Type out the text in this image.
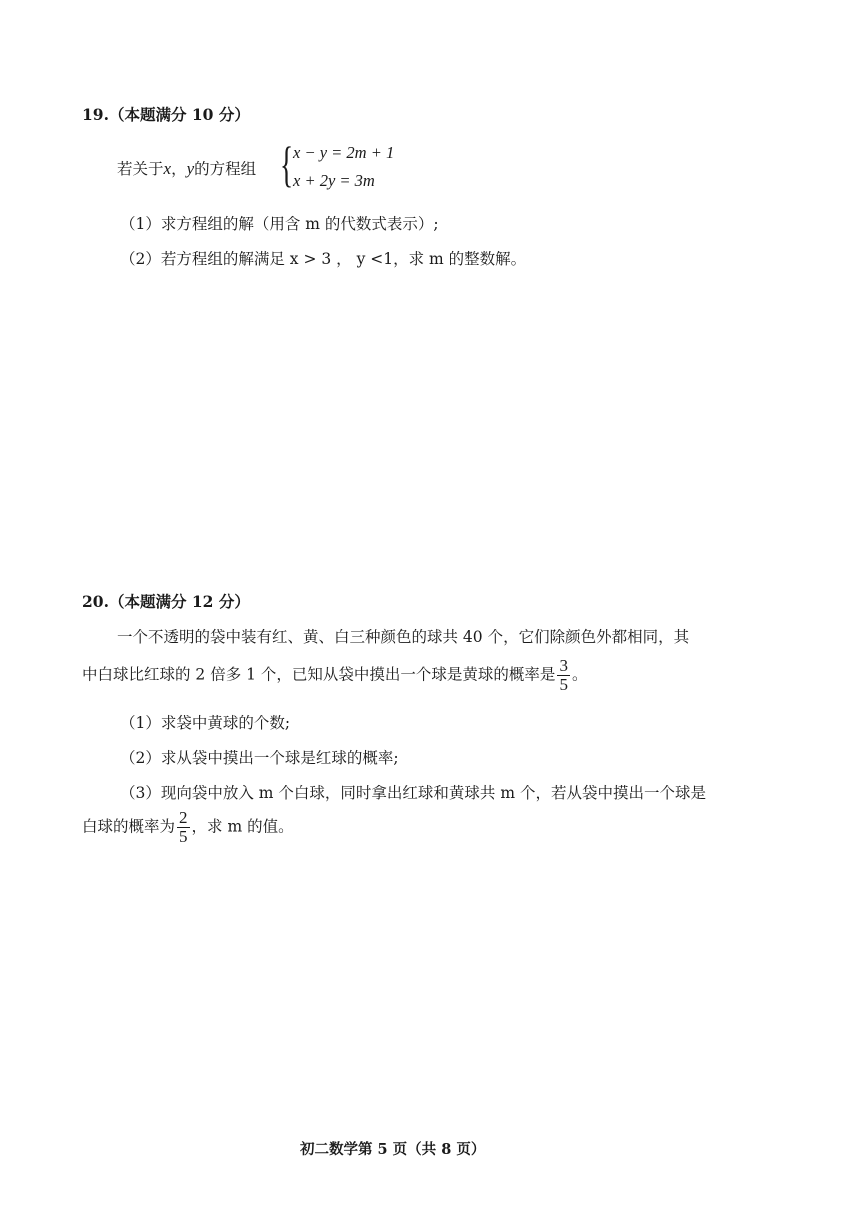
19.（本题满分 10 分）
若关于x，y的方程组 { x − y = 2m + 1
x + 2y = 3m
（1）求方程组的解（用含 m 的代数式表示）;
（2）若方程组的解满足 x > 3 ， y <1，求 m 的整数解。
20.（本题满分 12 分）
一个不透明的袋中装有红、黄、白三种颜色的球共 40 个，它们除颜色外都相同，其
中白球比红球的 2 倍多 1 个，已知从袋中摸出一个球是黄球的概率是 $\frac{3}{5}$ 。
（1）求袋中黄球的个数;
（2）求从袋中摸出一个球是红球的概率;
（3）现向袋中放入 m 个白球，同时拿出红球和黄球共 m 个，若从袋中摸出一个球是
白球的概率为 $\frac{2}{5}$ ，求 m 的值。
初二数学第 5 页（共 8 页）
